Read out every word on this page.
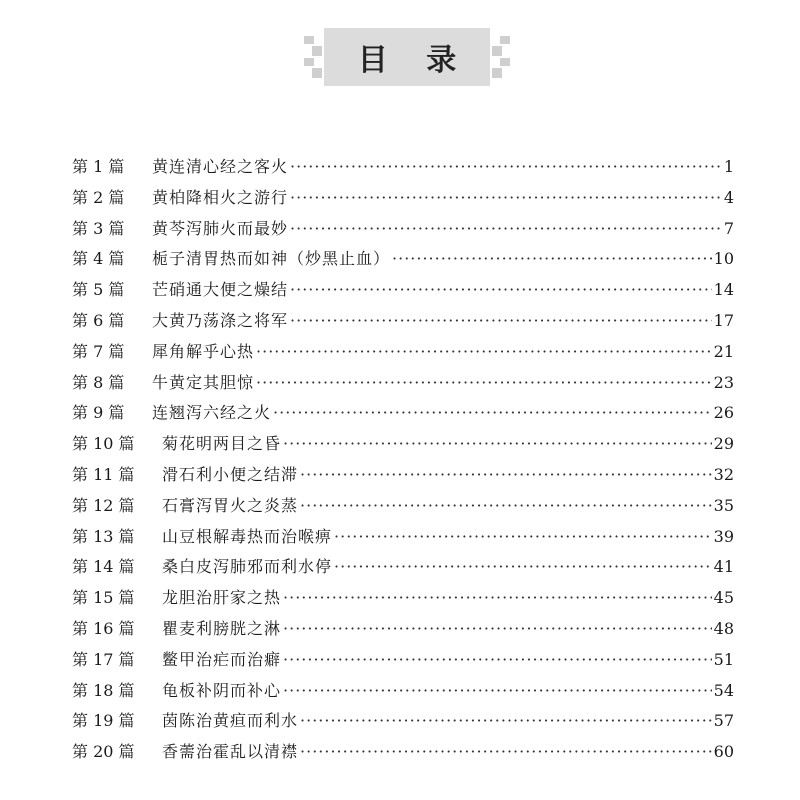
目 录
第 1 篇	黄连清心经之客火 ·····	1
第 2 篇	黄柏降相火之游行 ·····	4
第 3 篇	黄芩泻肺火而最妙 ·····	7
第 4 篇	栀子清胃热而如神（炒黑止血） ·····	10
第 5 篇	芒硝通大便之燥结 ·····	14
第 6 篇	大黄乃荡涤之将军 ·····	17
第 7 篇	犀角解乎心热 ·····	21
第 8 篇	牛黄定其胆惊 ·····	23
第 9 篇	连翘泻六经之火 ·····	26
第 10 篇	菊花明两目之昏 ·····	29
第 11 篇	滑石利小便之结滞 ·····	32
第 12 篇	石膏泻胃火之炎蒸 ·····	35
第 13 篇	山豆根解毒热而治喉痹 ·····	39
第 14 篇	桑白皮泻肺邪而利水停 ·····	41
第 15 篇	龙胆治肝家之热 ·····	45
第 16 篇	瞿麦利膀胱之淋 ·····	48
第 17 篇	鳖甲治疟而治癖 ·····	51
第 18 篇	龟板补阴而补心 ·····	54
第 19 篇	茵陈治黄疸而利水 ·····	57
第 20 篇	香薷治霍乱以清襟 ·····	60
